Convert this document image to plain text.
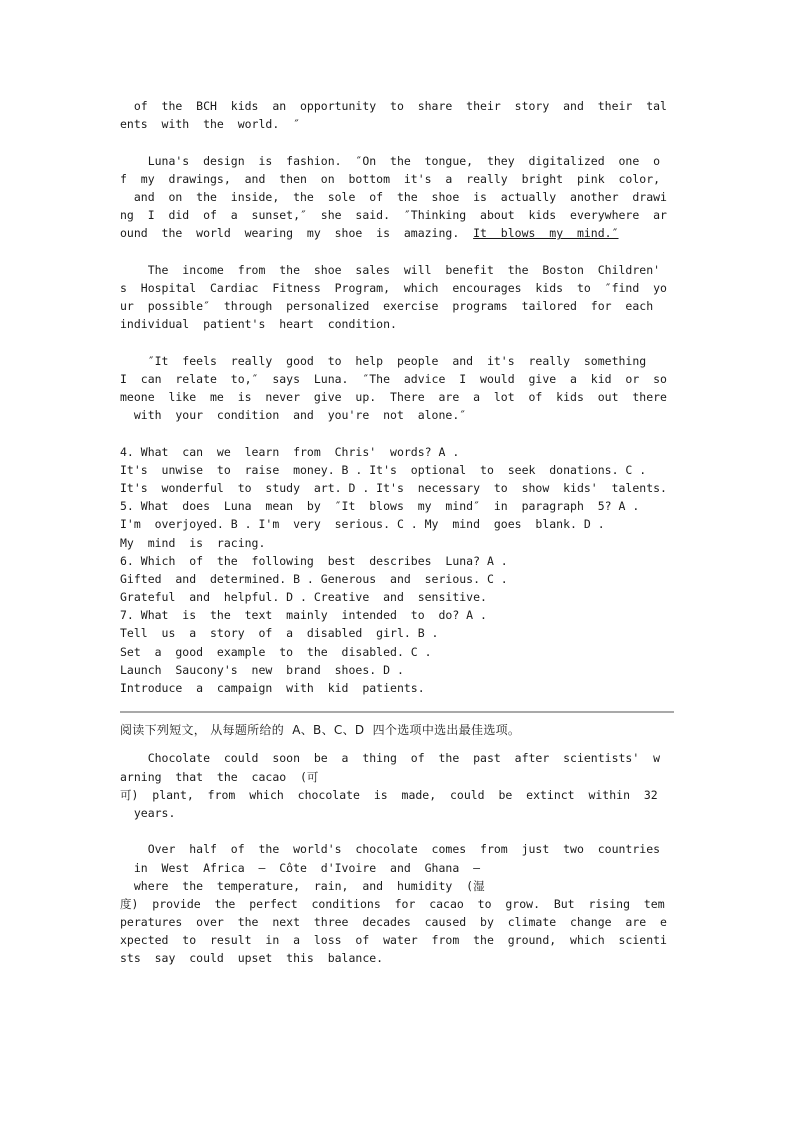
of  the  BCH  kids  an  opportunity  to  share  their  story  and  their  tal
ents  with  the  world.  ″
Luna's  design  is  fashion.  ″On  the  tongue,  they  digitalized  one  o
f  my  drawings,  and  then  on  bottom  it's  a  really  bright  pink  color,
and  on  the  inside,  the  sole  of  the  shoe  is  actually  another  drawi
ng  I  did  of  a  sunset,″  she  said.  ″Thinking  about  kids  everywhere  ar
ound  the  world  wearing  my  shoe  is  amazing.  It  blows  my  mind.″
The  income  from  the  shoe  sales  will  benefit  the  Boston  Children'
s  Hospital  Cardiac  Fitness  Program,  which  encourages  kids  to  ″find  yo
ur  possible″  through  personalized  exercise  programs  tailored  for  each
individual  patient's  heart  condition.
″It  feels  really  good  to  help  people  and  it's  really  something
I  can  relate  to,″  says  Luna.  ″The  advice  I  would  give  a  kid  or  so
meone  like  me  is  never  give  up.  There  are  a  lot  of  kids  out  there
with  your  condition  and  you're  not  alone.″
4. What  can  we  learn  from  Chris'  words? A .
It's  unwise  to  raise  money. B . It's  optional  to  seek  donations. C .
It's  wonderful  to  study  art. D . It's  necessary  to  show  kids'  talents.
5. What  does  Luna  mean  by  ″It  blows  my  mind″  in  paragraph  5? A .
I'm  overjoyed. B . I'm  very  serious. C . My  mind  goes  blank. D .
My  mind  is  racing.
6. Which  of  the  following  best  describes  Luna? A .
Gifted  and  determined. B . Generous  and  serious. C .
Grateful  and  helpful. D . Creative  and  sensitive.
7. What  is  the  text  mainly  intended  to  do? A .
Tell  us  a  story  of  a  disabled  girl. B .
Set  a  good  example  to  the  disabled. C .
Launch  Saucony's  new  brand  shoes. D .
Introduce  a  campaign  with  kid  patients.
阅读下列短文， 从每题所给的  A、B、C、D  四个选项中选出最佳选项。
Chocolate  could  soon  be  a  thing  of  the  past  after  scientists'  w
arning  that  the  cacao  (可
可)  plant,  from  which  chocolate  is  made,  could  be  extinct  within  32
years.
Over  half  of  the  world's  chocolate  comes  from  just  two  countries
in  West  Africa  —  Côte  d'Ivoire  and  Ghana  —
where  the  temperature,  rain,  and  humidity  (湿
度)  provide  the  perfect  conditions  for  cacao  to  grow.  But  rising  tem
peratures  over  the  next  three  decades  caused  by  climate  change  are  e
xpected  to  result  in  a  loss  of  water  from  the  ground,  which  scienti
sts  say  could  upset  this  balance.
